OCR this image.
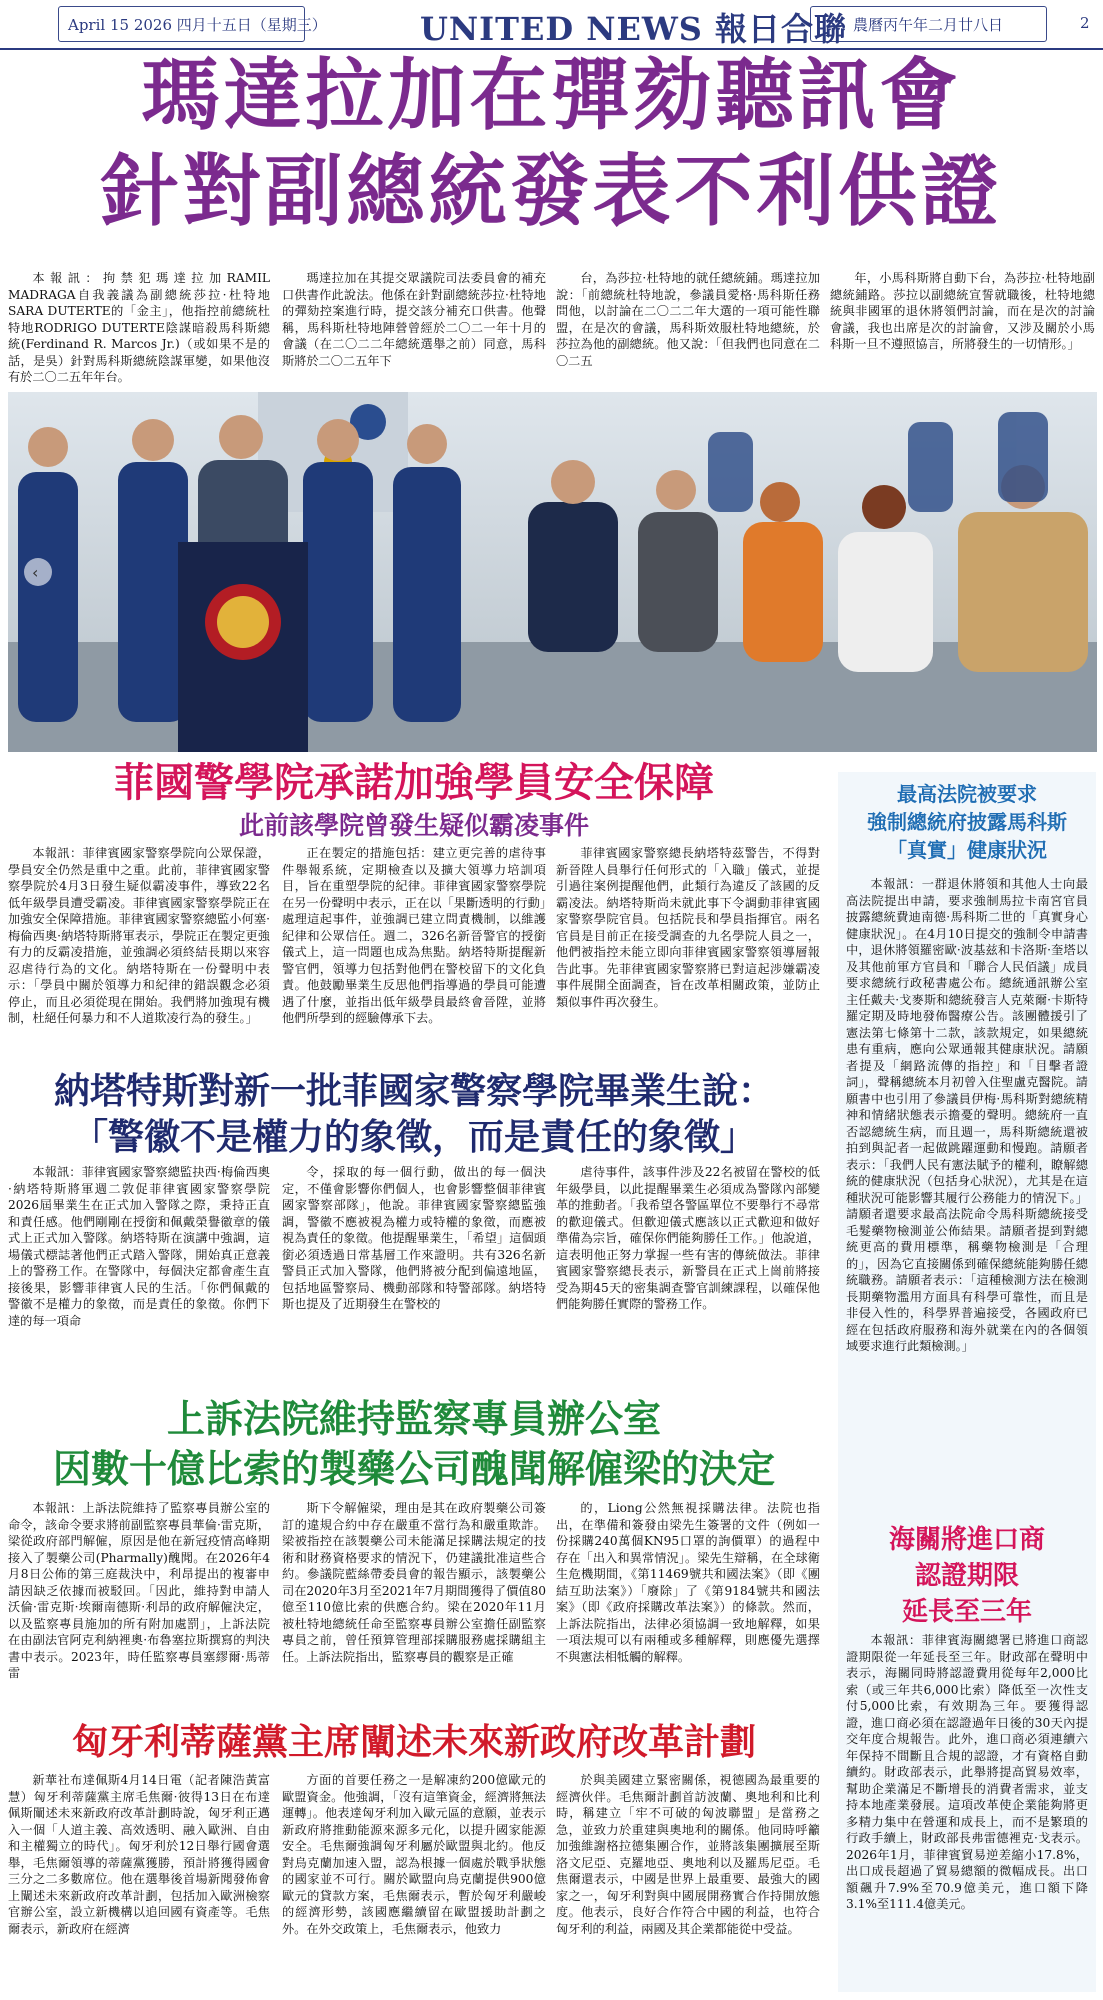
April 15 2026 四月十五日（星期三）	UNITED NEWS 報日合聯 農曆丙午年二月廿八日	2
瑪達拉加在彈劾聽訊會
針對副總統發表不利供證

本報訊：拘禁犯瑪達拉加RAMIL MADRAGA自我義議為副總統莎拉·杜特地SARA DUTERTE的「金主」，他指控前總統杜特地RODRIGO DUTERTE陰謀暗殺馬科斯總統(Ferdinand R. Marcos Jr.)（或如果不是的話，是吳）針對馬科斯總統陰謀軍變，如果他沒有於二〇二五年年台。

瑪達拉加在其提交眾議院司法委員會的補充口供書作此說法。他係在針對副總統莎拉·杜特地的彈劾控案進行時，提交該分補充口供書。他聲稱，馬科斯杜特地陣營曾經於二〇二一年十月的會議（在二〇二二年總統選舉之前）同意，馬科斯將於二〇二五年下

台，為莎拉·杜特地的就任總統鋪。瑪達拉加說：「前總統杜特地說，參議員愛格·馬科斯任務問他，以討論在二〇二二年大選的一項可能性聯盟，在是次的會議，馬科斯效服杜特地總統，於莎拉為他的副總統。他又說：「但我們也同意在二〇二五

年，小馬科斯將自動下台，為莎拉·杜特地副總統鋪路。莎拉以副總統宣誓就職後，杜特地總統與非國軍的退休將領們討論，而在是次的討論會議，我也出席是次的討論會，又涉及關於小馬科斯一旦不遵照協言，所將發生的一切情形。」

‹
菲國警學院承諾加強學員安全保障
此前該學院曾發生疑似霸凌事件

本報訊：菲律賓國家警察學院向公眾保證，學員安全仍然是重中之重。此前，菲律賓國家警察學院於4月3日發生疑似霸凌事件，導致22名低年級學員遭受霸凌。菲律賓國家警察學院正在加強安全保障措施。菲律賓國家警察總監小何塞·梅倫西奧·納塔特斯將軍表示，學院正在製定更強有力的反霸凌措施，並強調必須終結長期以來容忍虐待行為的文化。納塔特斯在一份聲明中表示：「學員中關於領導力和紀律的錯誤觀念必須停止，而且必須從現在開始。我們將加強現有機制，杜絕任何暴力和不人道欺凌行為的發生。」

正在製定的措施包括：建立更完善的虐待事件舉報系統，定期檢查以及擴大領導力培訓項目，旨在重塑學院的紀律。菲律賓國家警察學院在另一份聲明中表示，正在以「果斷透明的行動」處理這起事件，並強調已建立問責機制，以維護紀律和公眾信任。週二，326名新晉警官的授銜儀式上，這一問題也成為焦點。納塔特斯提醒新警官們，領導力包括對他們在警校留下的文化負責。他鼓勵畢業生反思他們指導過的學員可能遭遇了什麼，並指出低年級學員最終會晉陞，並將他們所學到的經驗傳承下去。

菲律賓國家警察總長納塔特茲警告，不得對新晉陞人員舉行任何形式的「入職」儀式，並提引過往案例提醒他們，此類行為違反了該國的反霸凌法。納塔特斯尚未就此事下令調動菲律賓國家警察學院官員。包括院長和學員指揮官。兩名官員是目前正在接受調查的九名學院人員之一，他們被指控未能立即向菲律賓國家警察領導層報告此事。先菲律賓國家警察將已對這起涉嫌霸凌事件展開全面調查，旨在改革相關政策，並防止類似事件再次發生。

納塔特斯對新一批菲國家警察學院畢業生說：
「警徽不是權力的象徵，而是責任的象徵」

本報訊：菲律賓國家警察總監抉西·梅倫西奧·納塔特斯將軍週二敦促菲律賓國家警察學院2026屆畢業生在正式加入警隊之際，秉持正直和責任感。他們剛剛在授銜和佩戴榮譽徽章的儀式上正式加入警隊。納塔特斯在演講中強調，這場儀式標誌著他們正式踏入警隊，開始真正意義上的警務工作。在警隊中，每個決定都會產生直接後果，影響菲律賓人民的生活。「你們佩戴的警徽不是權力的象徵，而是責任的象徵。你們下達的每一項命

令，採取的每一個行動，做出的每一個決定，不僅會影響你們個人，也會影響整個菲律賓國家警察部隊」，他說。菲律賓國家警察總監強調，警徽不應被視為權力或特權的象徵，而應被視為責任的象徵。他提醒畢業生，「希望」這個頭銜必須透過日常基層工作來證明。共有326名新警員正式加入警隊，他們將被分配到偏遠地區，包括地區警察局、機動部隊和特警部隊。納塔特斯也提及了近期發生在警校的

虐待事件，該事件涉及22名被留在警校的低年級學員，以此提醒畢業生必須成為警隊內部變革的推動者。「我希望各警區單位不要舉行不尋常的歡迎儀式。但歡迎儀式應該以正式歡迎和做好準備為宗旨，確保你們能夠勝任工作。」他說道，這表明他正努力掌握一些有害的傳統做法。菲律賓國家警察總長表示，新警員在正式上崗前將接受為期45天的密集調查警官訓練課程，以確保他們能夠勝任實際的警務工作。

上訴法院維持監察專員辦公室
因數十億比索的製藥公司醜聞解僱梁的決定

本報訊：上訴法院維持了監察專員辦公室的命令，該命令要求將前副監察專員華倫·雷克斯，梁從政府部門解僱，原因是他在新冠疫情高峰期接入了製藥公司(Pharmally)醜聞。在2026年4月8日公佈的第三庭裁決中，利昂提出的複審申請因缺乏依據而被駁回。「因此，維持對申請人沃倫·雷克斯·埃爾南德斯·利昂的政府解僱決定，以及監察專員施加的所有附加處罰」，上訴法院在由副法官阿克利納裡奧·布魯塞拉斯撰寫的判決書中表示。2023年，時任監察專員塞繆爾·馬蒂雷

斯下令解僱梁，理由是其在政府製藥公司簽訂的違規合約中存在嚴重不當行為和嚴重欺詐。梁被指控在該製藥公司未能滿足採購法規定的技術和財務資格要求的情況下，仍建議批准這些合約。參議院藍絲帶委員會的報告顯示，該製藥公司在2020年3月至2021年7月期間獲得了價值80億至110億比索的供應合約。梁在2020年11月被杜特地總統任命至監察專員辦公室擔任副監察專員之前，曾任預算管理部採購服務處採購組主任。上訴法院指出，監察專員的觀察是正確

的，Liong公然無視採購法律。法院也指出，在準備和簽發由梁先生簽署的文件（例如一份採購240萬個KN95口罩的詢價單）的過程中存在「出入和異常情況」。梁先生辯稱，在全球衛生危機期間，《第11469號共和國法案》（即《團結互助法案》）「廢除」了《第9184號共和國法案》（即《政府採購改革法案》）的條款。然而，上訴法院指出，法律必須協調一致地解釋，如果一項法規可以有兩種或多種解釋，則應優先選擇不與憲法相牴觸的解釋。

匈牙利蒂薩黨主席闡述未來新政府改革計劃

新華社布達佩斯4月14日電（記者陳浩黃富慧）匈牙利蒂薩黨主席毛焦爾·彼得13日在布達佩斯闡述未來新政府改革計劃時說，匈牙利正邁入一個「人道主義、高效透明、融入歐洲、自由和主權獨立的時代」。匈牙利於12日舉行國會選舉，毛焦爾領導的蒂薩黨獲勝，預計將獲得國會三分之二多數席位。他在選舉後首場新聞發佈會上闡述未來新政府改革計劃，包括加入歐洲檢察官辦公室，設立新機構以追回國有資產等。毛焦爾表示，新政府在經濟

方面的首要任務之一是解凍約200億歐元的歐盟資金。他強調，「沒有這筆資金，經濟將無法運轉」。他表達匈牙利加入歐元區的意願，並表示新政府將推動能源來源多元化，以提升國家能源安全。毛焦爾強調匈牙利屬於歐盟與北約。他反對烏克蘭加速入盟，認為根據一個處於戰爭狀態的國家並不可行。關於歐盟向烏克蘭提供900億歐元的貸款方案，毛焦爾表示，暫於匈牙利嚴峻的經濟形勢，該國應繼續留在歐盟援助計劃之外。在外交政策上，毛焦爾表示，他致力

於與美國建立緊密關係，視德國為最重要的經濟伙伴。毛焦爾計劃首訪波蘭、奧地利和比利時，稱建立「牢不可破的匈波聯盟」是當務之急，並致力於重建與奧地利的關係。他同時呼籲加強維謝格拉德集團合作，並將該集團擴展至斯洛文尼亞、克羅地亞、奧地利以及羅馬尼亞。毛焦爾還表示，中國是世界上最重要、最強大的國家之一，匈牙利對與中國展開務實合作持開放態度。他表示，良好合作符合中國的利益，也符合匈牙利的利益，兩國及其企業都能從中受益。

本報訊：一群退休將領和其他人士向最高法院提出申請，要求強制馬拉卡南宮官員披露總統費迪南德·馬科斯二世的「真實身心健康狀況」。在4月10日提交的強制令申請書中，退休將領羅密歐·波基兹和卡洛斯·奎塔以及其他前軍方官員和「聯合人民佰議」成員要求總統行政秘書處公布。總統通訊辦公室主任戴夫·戈麥斯和總統發言人克萊爾·卡斯特羅定期及時地發佈醫療公告。該團體援引了憲法第七條第十二款，該款規定，如果總統患有重病，應向公眾通報其健康狀況。請願者提及「網路流傳的指控」和「目擊者證詞」，聲稱總統本月初曾入住聖盧克醫院。請願書中也引用了參議員伊梅·馬科斯對總統精神和情緒狀態表示擔憂的聲明。總統府一直否認總統生病，而且週一，馬科斯總統還被拍到與記者一起做跳躍運動和慢跑。請願者表示：「我們人民有憲法賦予的權利，瞭解總統的健康狀況（包括身心狀況），尤其是在這種狀況可能影響其履行公務能力的情況下。」請願者還要求最高法院命令馬科斯總統接受毛髮藥物檢測並公佈結果。請願者提到對總統更高的費用標準，稱藥物檢測是「合理的」，因為它直接關係到確保總統能夠勝任總統職務。請願者表示：「這種檢測方法在檢測長期藥物濫用方面具有科學可靠性，而且是非侵入性的，科學界普遍接受，各國政府已經在包括政府服務和海外就業在內的各個領域要求進行此類檢測。」

本報訊：菲律賓海關總署已將進口商認證期限從一年延長至三年。財政部在聲明中表示，海關同時將認證費用從每年2,000比索（或三年共6,000比索）降低至一次性支付5,000比索，有效期為三年。要獲得認證，進口商必須在認證過年日後的30天內提交年度合規報告。此外，進口商必須連續六年保持不間斷且合規的認證，才有資格自動續約。財政部表示，此舉將提高貿易效率，幫助企業滿足不斷增長的消費者需求，並支持本地產業發展。這項改革使企業能夠將更多精力集中在營運和成長上，而不是繁瑣的行政手續上，財政部長弗雷德裡克·戈表示。2026年1月，菲律賓貿易逆差縮小17.8%，出口成長超過了貿易總額的微幅成長。出口額飆升7.9%至70.9億美元，進口額下降3.1%至111.4億美元。

最高法院被要求
強制總統府披露馬科斯
「真實」健康狀況
海關將進口商
認證期限
延長至三年
